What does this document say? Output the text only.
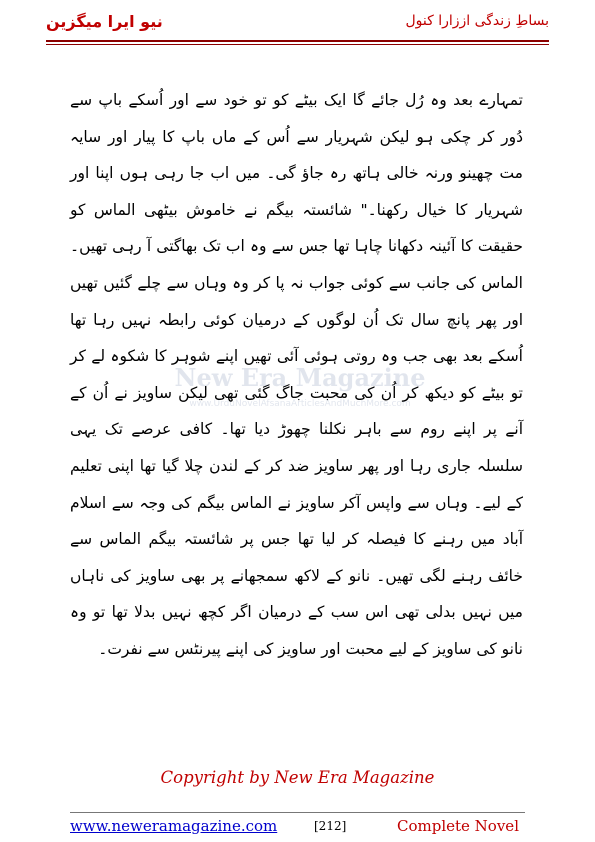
بساطِ زندگی اززارا کنول
نیو ایرا میگزین

تمہارے بعد وہ رُل جائے گا ایک بیٹے کو تو خود سے اور اُسکے باپ سے دُور کر چکی ہو لیکن شہریار سے اُس کے ماں باپ کا پیار اور سایہ مت چھینو ورنہ خالی ہاتھ رہ جاؤ گی۔ میں اب جا رہی ہوں اپنا اور شہریار کا خیال رکھنا۔" شائستہ بیگم نے خاموش بیٹھی الماس کو حقیقت کا آئینہ دکھانا چاہا تھا جس سے وہ اب تک بھاگتی آ رہی تھیں۔ الماس کی جانب سے کوئی جواب نہ پا کر وہ وہاں سے چلے گئیں تھیں اور پھر پانچ سال تک اُن لوگوں کے درمیان کوئی رابطہ نہیں رہا تھا اُسکے بعد بھی جب وہ روتی ہوئی آئی تھیں اپنے شوہر کا شکوہ لے کر تو بیٹے کو دیکھ کر اُن کی محبت جاگ گئی تھی لیکن ساویز نے اُن کے آنے پر اپنے روم سے باہر نکلنا چھوڑ دیا تھا۔ کافی عرصے تک یہی سلسلہ جاری رہا اور پھر ساویز ضد کر کے لندن چلا گیا تھا اپنی تعلیم کے لیے۔ وہاں سے واپس آکر ساویز نے الماس بیگم کی وجہ سے اسلام آباد میں رہنے کا فیصلہ کر لیا تھا جس پر شائستہ بیگم الماس سے خائف رہنے لگی تھیں۔ نانو کے لاکھ سمجھانے پر بھی ساویز کی ناہاں میں نہیں بدلی تھی اس سب کے درمیان اگر کچھ نہیں بدلا تھا تو وہ نانو کی ساویز کے لیے محبت اور ساویز کی اپنے پیرنٹس سے نفرت۔

New Era Magazine
www.UrduNovelAfsanaArticlesAndMuchMore.com
Copyright by New Era Magazine
www.neweramagazine.com	[212]	Complete Novel
